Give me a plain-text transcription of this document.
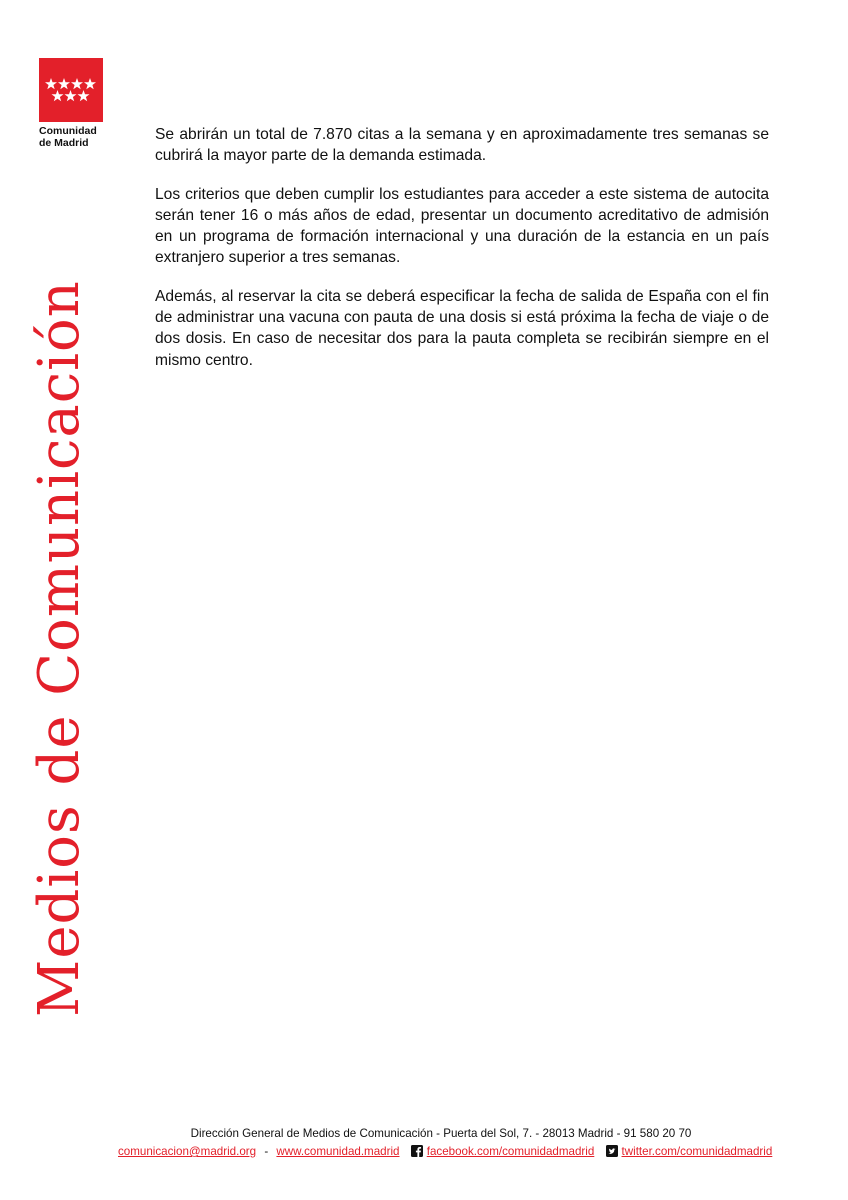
Comunidad
de Madrid
Medios de Comunicación

Se abrirán un total de 7.870 citas a la semana y en aproximadamente tres semanas se cubrirá la mayor parte de la demanda estimada.

Los criterios que deben cumplir los estudiantes para acceder a este sistema de autocita serán tener 16 o más años de edad, presentar un documento acreditativo de admisión en un programa de formación internacional y una duración de la estancia en un país extranjero superior a tres semanas.

Además, al reservar la cita se deberá especificar la fecha de salida de España con el fin de administrar una vacuna con pauta de una dosis si está próxima la fecha de viaje o de dos dosis. En caso de necesitar dos para la pauta completa se recibirán siempre en el mismo centro.

Dirección General de Medios de Comunicación - Puerta del Sol, 7. - 28013 Madrid - 91 580 20 70
comunicacion@madrid.org - www.comunidad.madrid facebook.com/comunidadmadrid twitter.com/comunidadmadrid
